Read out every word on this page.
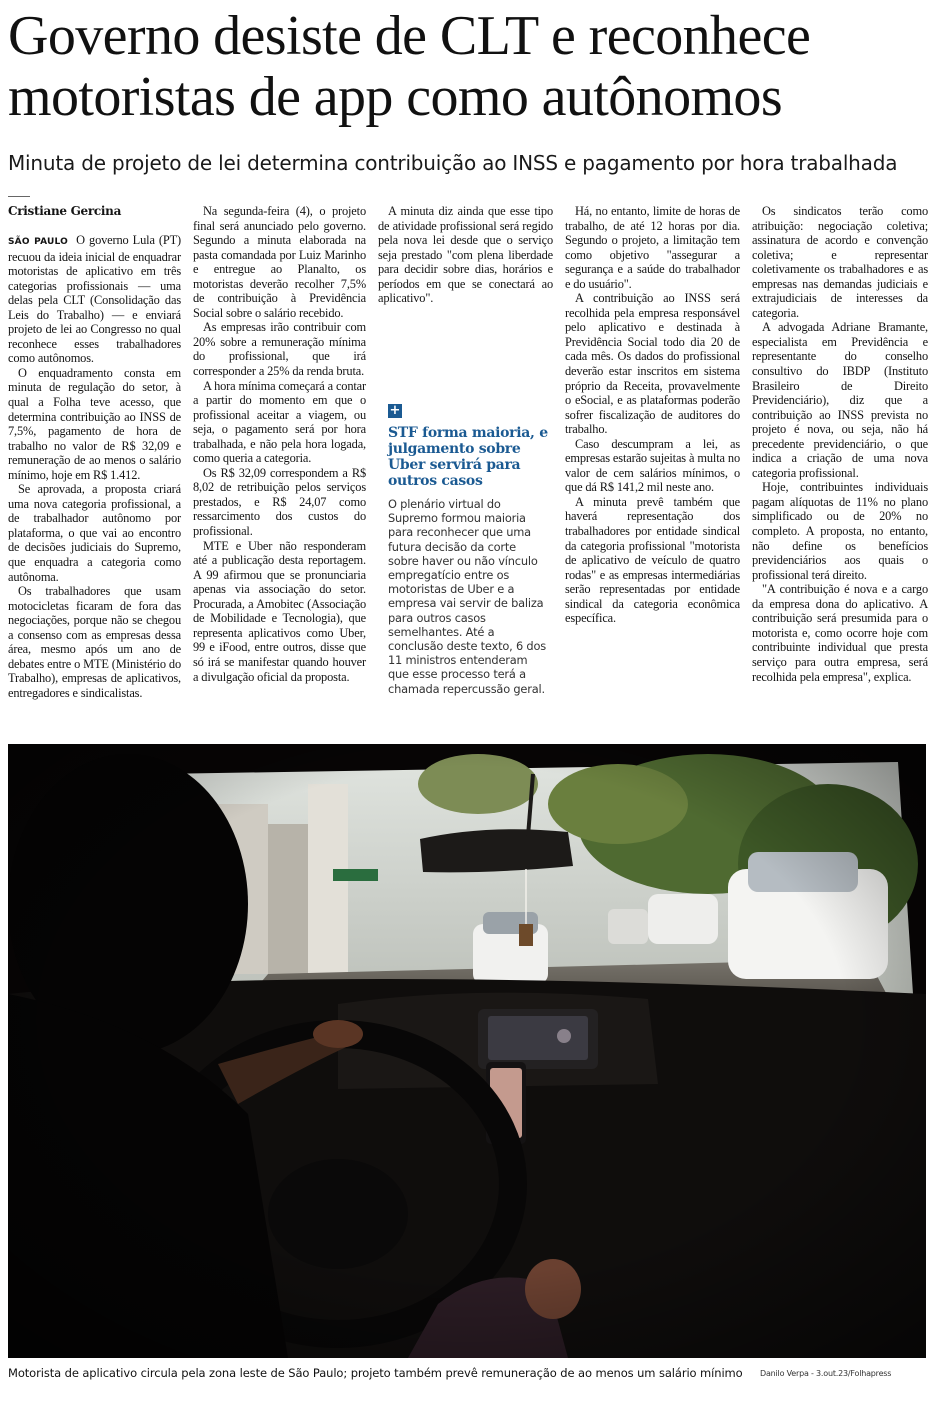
Governo desiste de CLT e reconhece motoristas de app como autônomos

Minuta de projeto de lei determina contribuição ao INSS e pagamento por hora trabalhada

Cristiane Gercina

SÃO PAULO O governo Lula (PT) recuou da ideia inicial de enquadrar motoristas de aplicativo em três categorias profissionais — uma delas pela CLT (Consolidação das Leis do Trabalho) — e enviará projeto de lei ao Congresso no qual reconhece esses trabalhadores como autônomos.

O enquadramento consta em minuta de regulação do setor, à qual a Folha teve acesso, que determina contribuição ao INSS de 7,5%, pagamento de hora de trabalho no valor de R$ 32,09 e remuneração de ao menos o salário mínimo, hoje em R$ 1.412.

Se aprovada, a proposta criará uma nova categoria profissional, a de trabalhador autônomo por plataforma, o que vai ao encontro de decisões judiciais do Supremo, que enquadra a categoria como autônoma.

Os trabalhadores que usam motocicletas ficaram de fora das negociações, porque não se chegou a consenso com as empresas dessa área, mesmo após um ano de debates entre o MTE (Ministério do Trabalho), empresas de aplicativos, entregadores e sindicalistas.

Na segunda-feira (4), o projeto final será anunciado pelo governo. Segundo a minuta elaborada na pasta comandada por Luiz Marinho e entregue ao Planalto, os motoristas deverão recolher 7,5% de contribuição à Previdência Social sobre o salário recebido.

As empresas irão contribuir com 20% sobre a remuneração mínima do profissional, que irá corresponder a 25% da renda bruta.

A hora mínima começará a contar a partir do momento em que o profissional aceitar a viagem, ou seja, o pagamento será por hora trabalhada, e não pela hora logada, como queria a categoria.

Os R$ 32,09 correspondem a R$ 8,02 de retribuição pelos serviços prestados, e R$ 24,07 como ressarcimento dos custos do profissional.

MTE e Uber não responderam até a publicação desta reportagem. A 99 afirmou que se pronunciaria apenas via associação do setor. Procurada, a Amobitec (Associação de Mobilidade e Tecnologia), que representa aplicativos como Uber, 99 e iFood, entre outros, disse que só irá se manifestar quando houver a divulgação oficial da proposta.

A minuta diz ainda que esse tipo de atividade profissional será regido pela nova lei desde que o serviço seja prestado "com plena liberdade para decidir sobre dias, horários e períodos em que se conectará ao aplicativo".

+
STF forma maioria, e julgamento sobre Uber servirá para outros casos

O plenário virtual do Supremo formou maioria para reconhecer que uma futura decisão da corte sobre haver ou não vínculo empregatício entre os motoristas de Uber e a empresa vai servir de baliza para outros casos semelhantes. Até a conclusão deste texto, 6 dos 11 ministros entenderam que esse processo terá a chamada repercussão geral.

Há, no entanto, limite de horas de trabalho, de até 12 horas por dia. Segundo o projeto, a limitação tem como objetivo "assegurar a segurança e a saúde do trabalhador e do usuário".

A contribuição ao INSS será recolhida pela empresa responsável pelo aplicativo e destinada à Previdência Social todo dia 20 de cada mês. Os dados do profissional deverão estar inscritos em sistema próprio da Receita, provavelmente o eSocial, e as plataformas poderão sofrer fiscalização de auditores do trabalho.

Caso descumpram a lei, as empresas estarão sujeitas à multa no valor de cem salários mínimos, o que dá R$ 141,2 mil neste ano.

A minuta prevê também que haverá representação dos trabalhadores por entidade sindical da categoria profissional "motorista de aplicativo de veículo de quatro rodas" e as empresas intermediárias serão representadas por entidade sindical da categoria econômica específica.

Os sindicatos terão como atribuição: negociação coletiva; assinatura de acordo e convenção coletiva; e representar coletivamente os trabalhadores e as empresas nas demandas judiciais e extrajudiciais de interesses da categoria.

A advogada Adriane Bramante, especialista em Previdência e representante do conselho consultivo do IBDP (Instituto Brasileiro de Direito Previdenciário), diz que a contribuição ao INSS prevista no projeto é nova, ou seja, não há precedente previdenciário, o que indica a criação de uma nova categoria profissional.

Hoje, contribuintes individuais pagam alíquotas de 11% no plano simplificado ou de 20% no completo. A proposta, no entanto, não define os benefícios previdenciários aos quais o profissional terá direito.

"A contribuição é nova e a cargo da empresa dona do aplicativo. A contribuição será presumida para o motorista e, como ocorre hoje com contribuinte individual que presta serviço para outra empresa, será recolhida pela empresa", explica.

Motorista de aplicativo circula pela zona leste de São Paulo; projeto também prevê remuneração de ao menos um salário mínimo Danilo Verpa - 3.out.23/Folhapress
